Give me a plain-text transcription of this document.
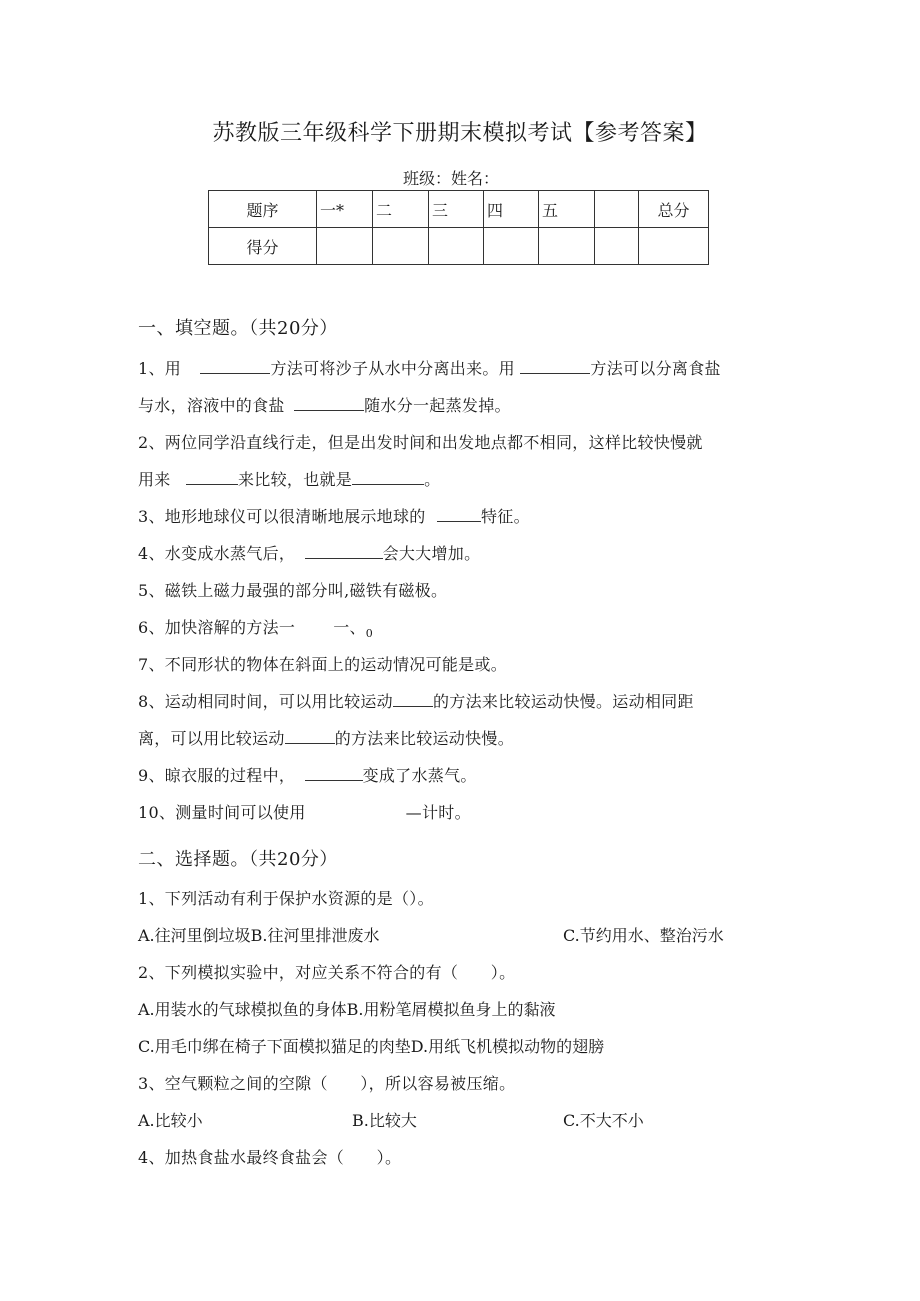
苏教版三年级科学下册期末模拟考试【参考答案】
班级：姓名：
题序	一*	二	三	四	五		总分
得分							
一、填空题。（共20分）
1、用	方法可将沙子从水中分离出来。用	方法可以分离食盐
与水，溶液中的食盐	随水分一起蒸发掉。
2、两位同学沿直线行走，但是出发时间和出发地点都不相同，这样比较快慢就
用来	来比较，也就是	。
3、地形地球仪可以很清晰地展示地球的	特征。
4、水变成水蒸气后，	会大大增加。
5、磁铁上磁力最强的部分叫,磁铁有磁极。
6、加快溶解的方法一 一、$_0$
7、不同形状的物体在斜面上的运动情况可能是或。
8、运动相同时间，可以用比较运动	的方法来比较运动快慢。运动相同距
离，可以用比较运动	的方法来比较运动快慢。
9、晾衣服的过程中，	变成了水蒸气。
10、测量时间可以使用	—计时。
二、选择题。（共20分）
1、下列活动有利于保护水资源的是（）。
A.往河里倒垃圾B.往河里排泄废水	C.节约用水、整治污水
2、下列模拟实验中，对应关系不符合的有（　　）。
A.用装水的气球模拟鱼的身体B.用粉笔屑模拟鱼身上的黏液
C.用毛巾绑在椅子下面模拟猫足的肉垫D.用纸飞机模拟动物的翅膀
3、空气颗粒之间的空隙（　　），所以容易被压缩。
A.比较小	B.比较大	C.不大不小
4、加热食盐水最终食盐会（　　）。
